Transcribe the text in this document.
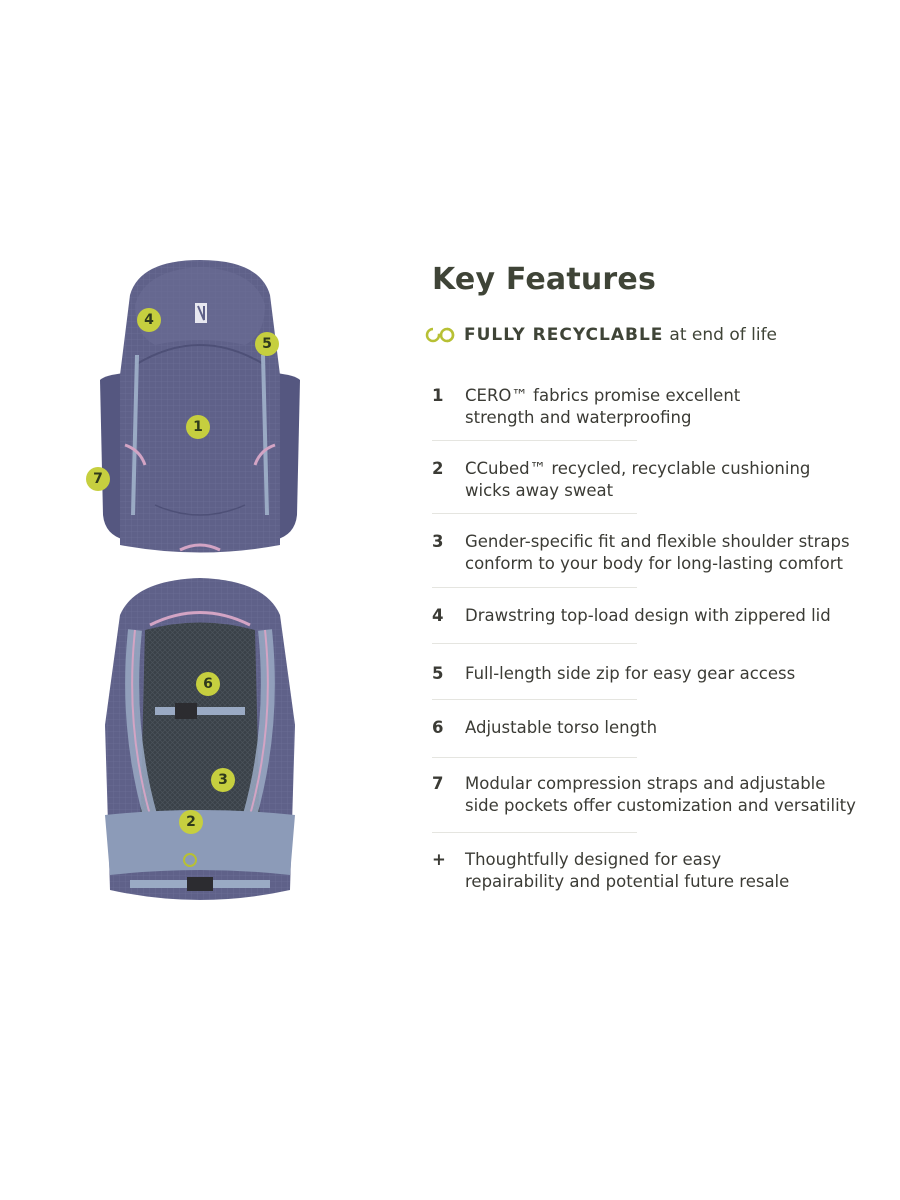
1
4
5
7
6
3
2
Key Features
FULLY RECYCLABLE at end of life
1	CERO™ fabrics promise excellent
strength and waterproofing
2	CCubed™ recycled, recyclable cushioning
wicks away sweat
3	Gender-specific fit and flexible shoulder straps
conform to your body for long-lasting comfort
4	Drawstring top-load design with zippered lid
5	Full-length side zip for easy gear access
6	Adjustable torso length
7	Modular compression straps and adjustable
side pockets offer customization and versatility
+	Thoughtfully designed for easy
repairability and potential future resale
